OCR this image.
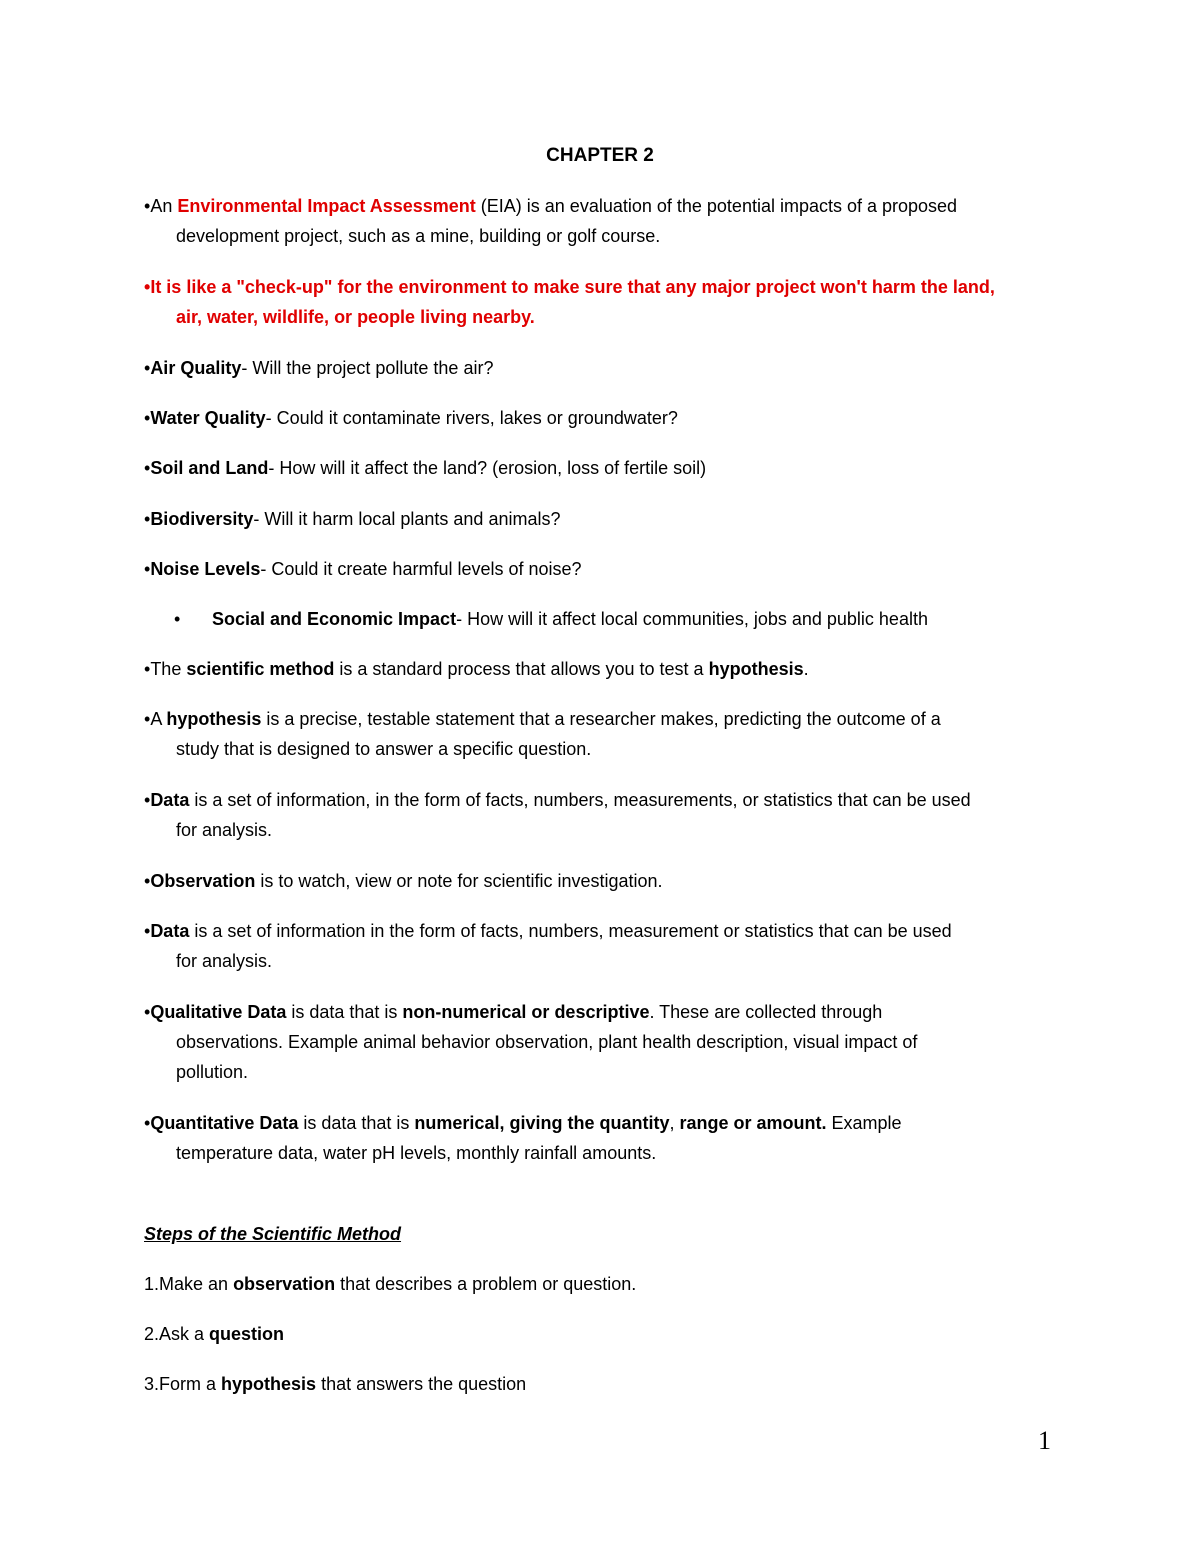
CHAPTER 2
•An Environmental Impact Assessment (EIA) is an evaluation of the potential impacts of a proposed
development project, such as a mine, building or golf course.
•It is like a "check-up" for the environment to make sure that any major project won't harm the land,
air, water, wildlife, or people living nearby.
•Air Quality- Will the project pollute the air?
•Water Quality- Could it contaminate rivers, lakes or groundwater?
•Soil and Land- How will it affect the land? (erosion, loss of fertile soil)
•Biodiversity- Will it harm local plants and animals?
•Noise Levels- Could it create harmful levels of noise?
• Social and Economic Impact- How will it affect local communities, jobs and public health
•The scientific method is a standard process that allows you to test a hypothesis.
•A hypothesis is a precise, testable statement that a researcher makes, predicting the outcome of a
study that is designed to answer a specific question.
•Data is a set of information, in the form of facts, numbers, measurements, or statistics that can be used
for analysis.
•Observation is to watch, view or note for scientific investigation.
•Data is a set of information in the form of facts, numbers, measurement or statistics that can be used
for analysis.
•Qualitative Data is data that is non-numerical or descriptive. These are collected through
observations. Example animal behavior observation, plant health description, visual impact of
pollution.
•Quantitative Data is data that is numerical, giving the quantity, range or amount. Example
temperature data, water pH levels, monthly rainfall amounts.
Steps of the Scientific Method
1.Make an observation that describes a problem or question.
2.Ask a question
3.Form a hypothesis that answers the question
1
